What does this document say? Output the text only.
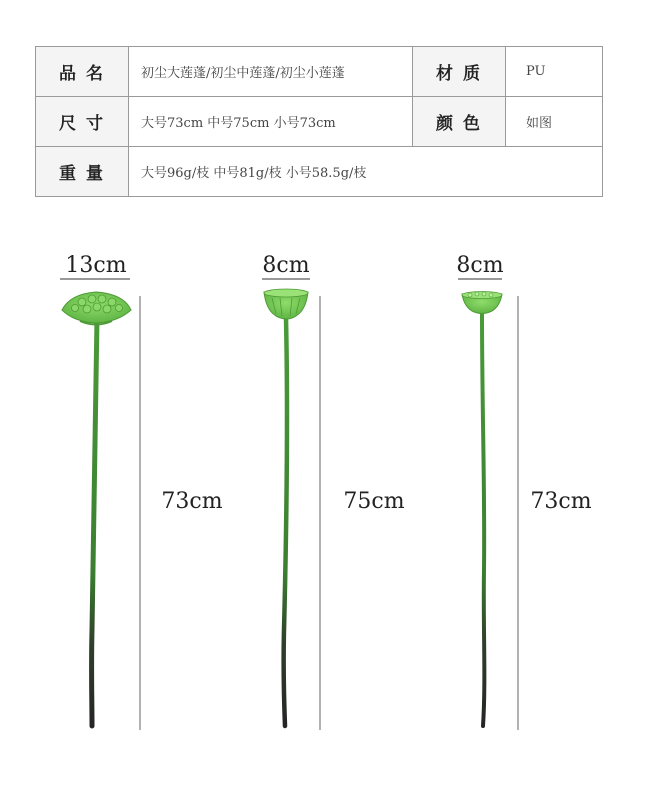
品 名	初尘大莲蓬/初尘中莲蓬/初尘小莲蓬	材 质	PU
尺 寸	大号73cm 中号75cm 小号73cm	颜 色	如图
重 量	大号96g/枝 中号81g/枝 小号58.5g/枝		
13cm
73cm
8cm
75cm
8cm
73cm
